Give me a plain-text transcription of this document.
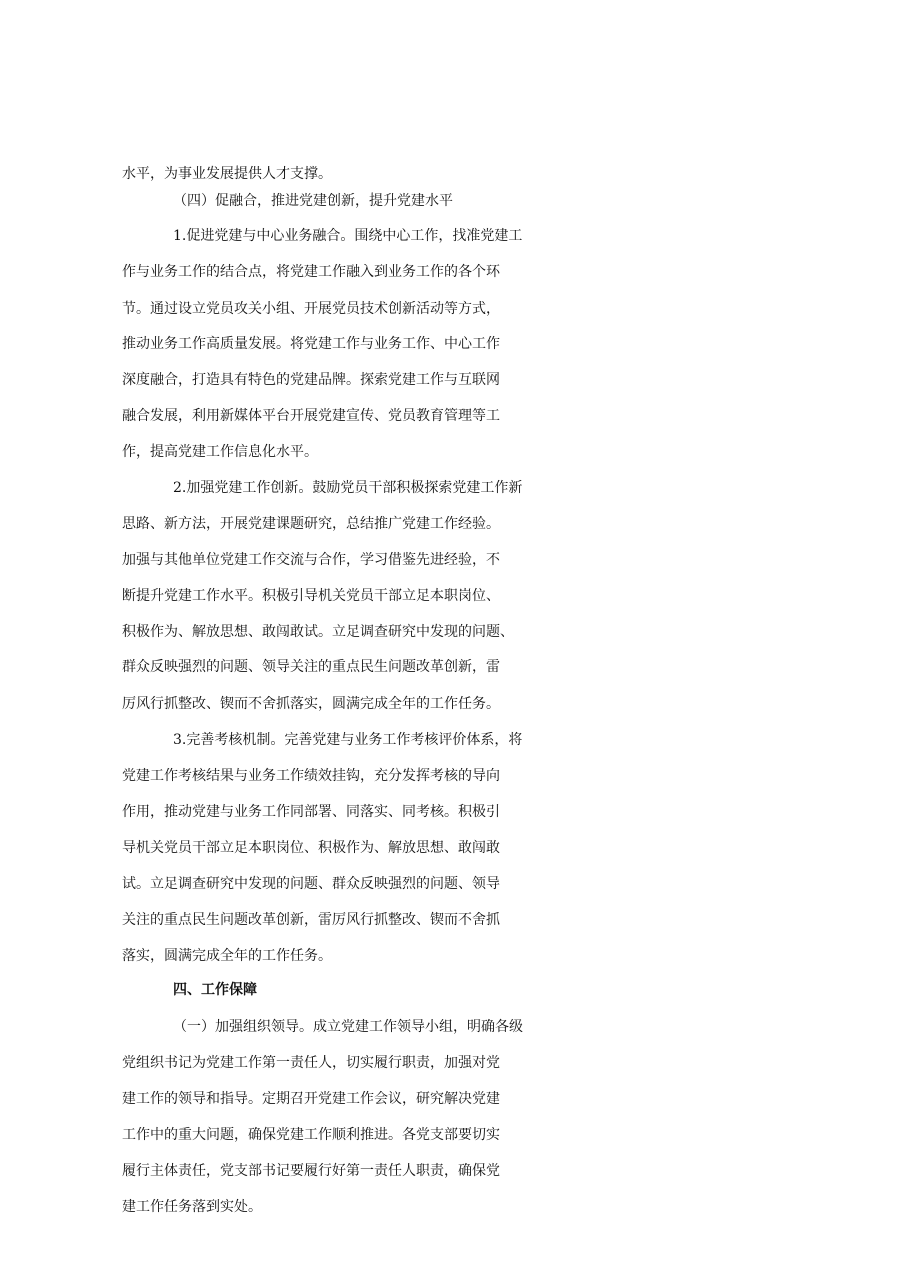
水平，为事业发展提供人才支撑。
（四）促融合，推进党建创新，提升党建水平
1.促进党建与中心业务融合。围绕中心工作，找准党建工
作与业务工作的结合点，将党建工作融入到业务工作的各个环
节。通过设立党员攻关小组、开展党员技术创新活动等方式，
推动业务工作高质量发展。将党建工作与业务工作、中心工作
深度融合，打造具有特色的党建品牌。探索党建工作与互联网
融合发展，利用新媒体平台开展党建宣传、党员教育管理等工
作，提高党建工作信息化水平。
2.加强党建工作创新。鼓励党员干部积极探索党建工作新
思路、新方法，开展党建课题研究，总结推广党建工作经验。
加强与其他单位党建工作交流与合作，学习借鉴先进经验，不
断提升党建工作水平。积极引导机关党员干部立足本职岗位、
积极作为、解放思想、敢闯敢试。立足调查研究中发现的问题、
群众反映强烈的问题、领导关注的重点民生问题改革创新，雷
厉风行抓整改、锲而不舍抓落实，圆满完成全年的工作任务。
3.完善考核机制。完善党建与业务工作考核评价体系，将
党建工作考核结果与业务工作绩效挂钩，充分发挥考核的导向
作用，推动党建与业务工作同部署、同落实、同考核。积极引
导机关党员干部立足本职岗位、积极作为、解放思想、敢闯敢
试。立足调查研究中发现的问题、群众反映强烈的问题、领导
关注的重点民生问题改革创新，雷厉风行抓整改、锲而不舍抓
落实，圆满完成全年的工作任务。
四、工作保障
（一）加强组织领导。成立党建工作领导小组，明确各级
党组织书记为党建工作第一责任人，切实履行职责，加强对党
建工作的领导和指导。定期召开党建工作会议，研究解决党建
工作中的重大问题，确保党建工作顺利推进。各党支部要切实
履行主体责任，党支部书记要履行好第一责任人职责，确保党
建工作任务落到实处。
